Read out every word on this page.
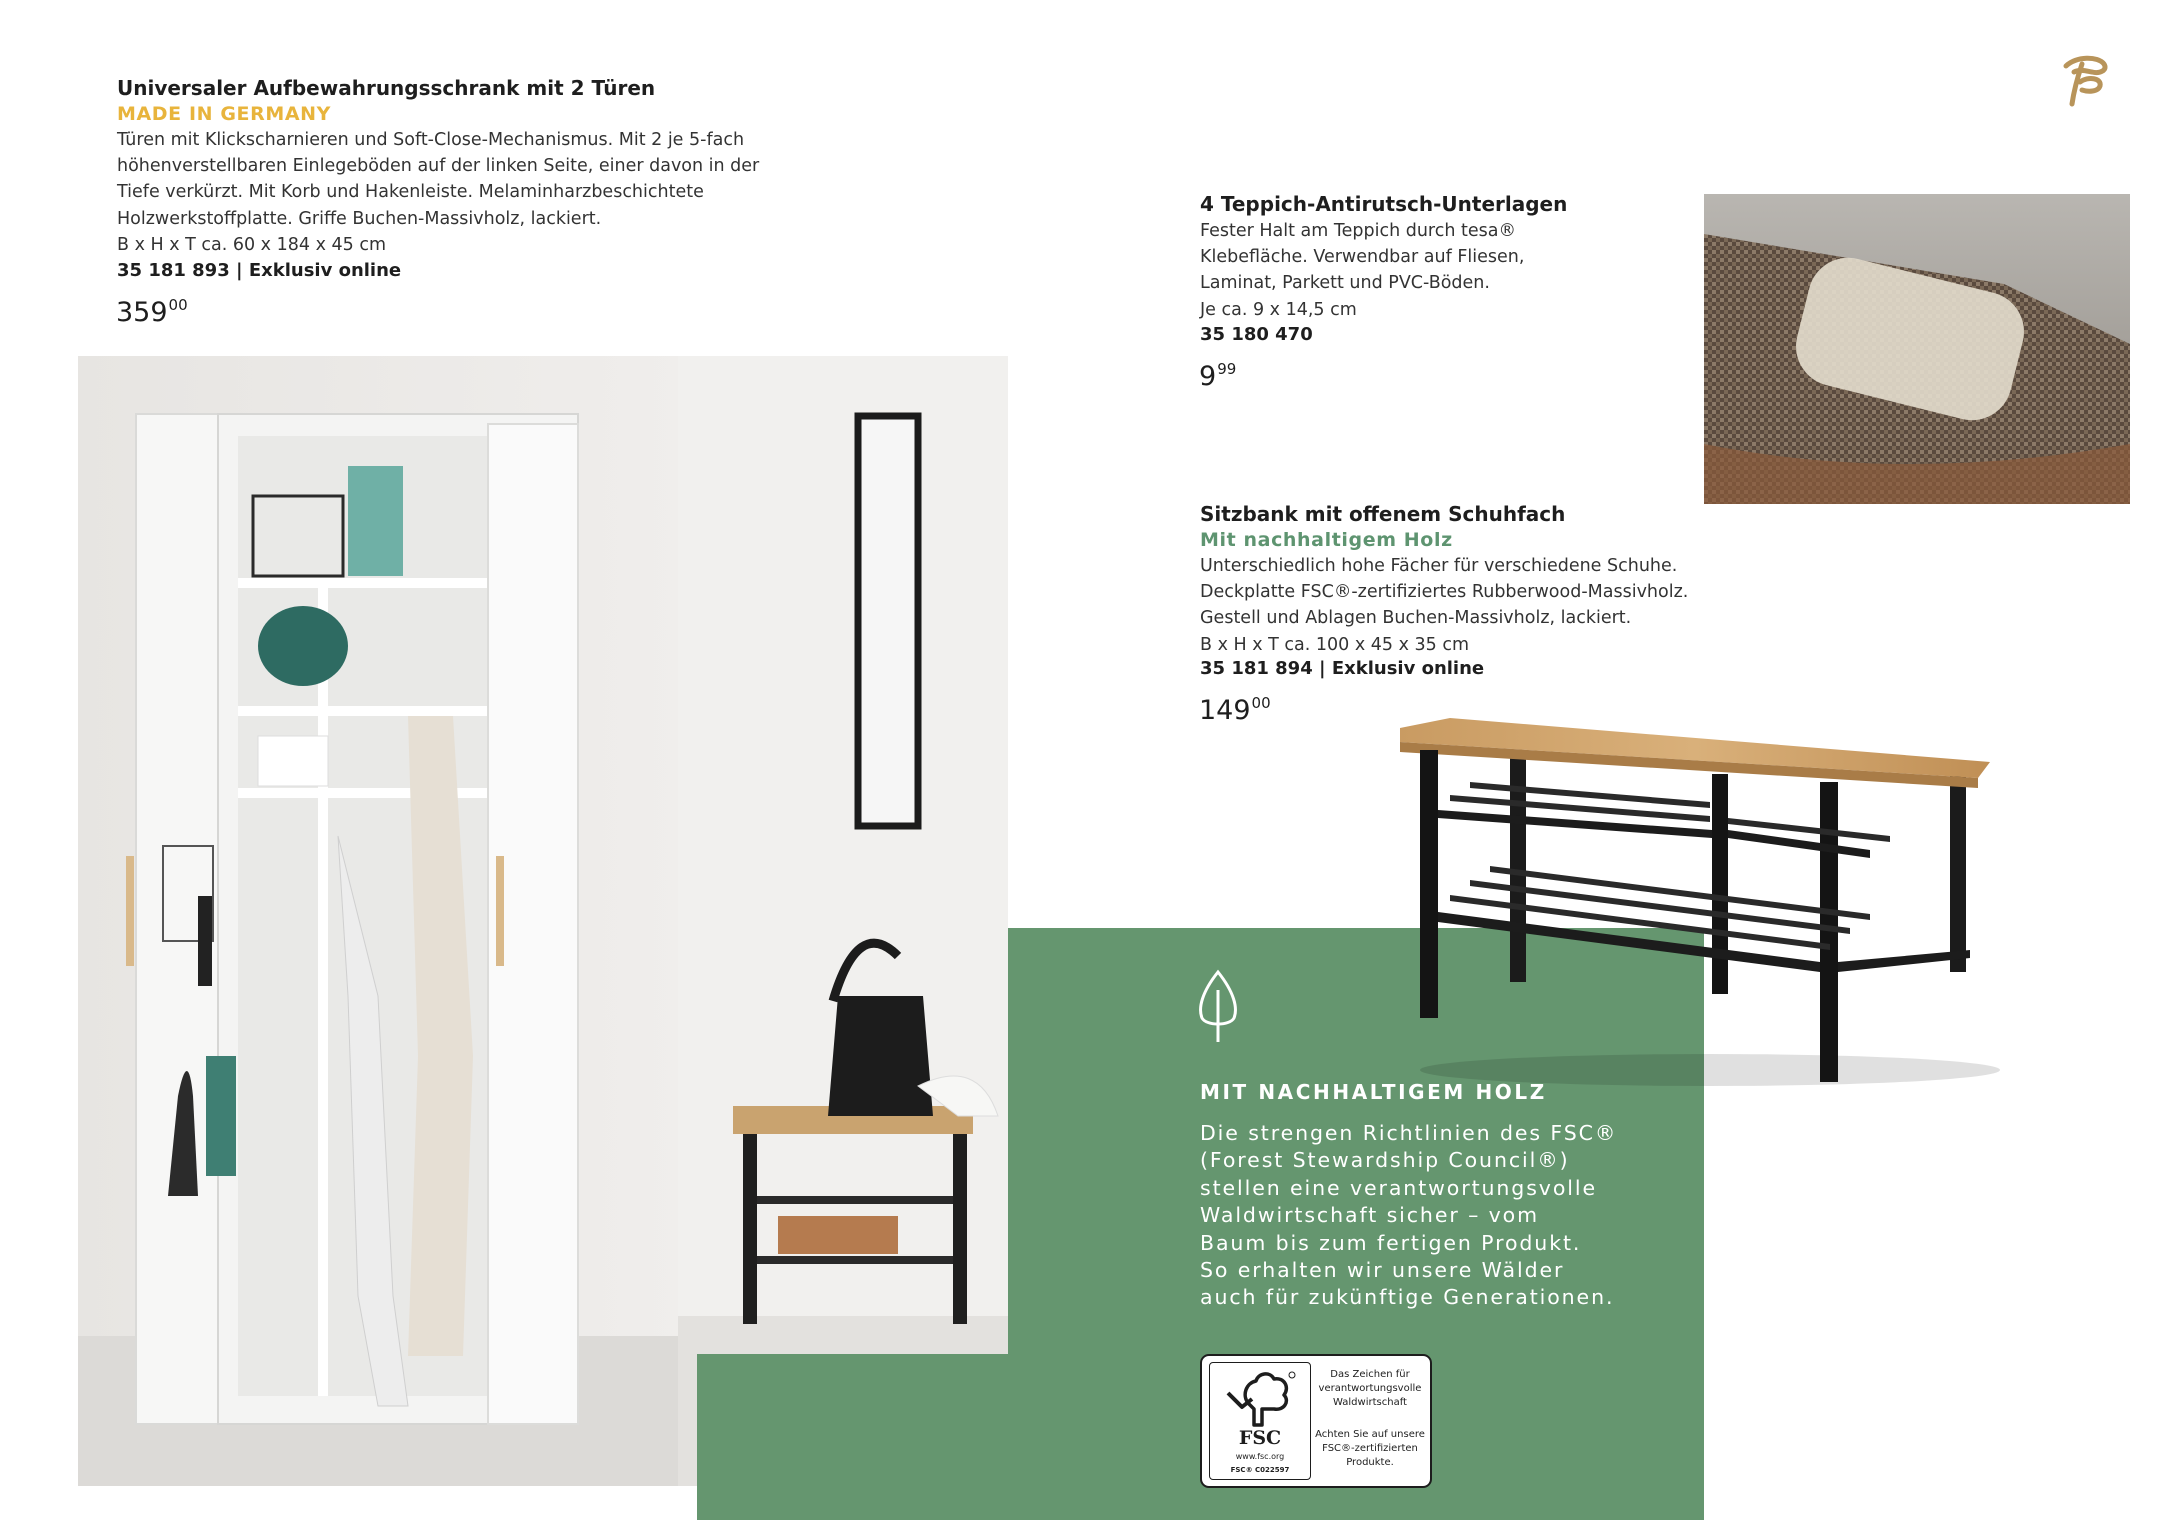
Universaler Aufbewahrungsschrank mit 2 Türen
MADE IN GERMANY

Türen mit Klickscharnieren und Soft-Close-Mechanismus. Mit 2 je 5-fach

höhenverstellbaren Einlegeböden auf der linken Seite, einer davon in der

Tiefe verkürzt. Mit Korb und Hakenleiste. Melaminharzbeschichtete

Holzwerkstoffplatte. Griffe Buchen-Massivholz, lackiert.

B x H x T ca. 60 x 184 x 45 cm

35 181 893 | Exklusiv online
$359^{00}$
4 Teppich-Antirutsch-Unterlagen

Fester Halt am Teppich durch tesa®

Klebefläche. Verwendbar auf Fliesen,

Laminat, Parkett und PVC-Böden.

Je ca. 9 x 14,5 cm

35 180 470
$9^{99}$
Sitzbank mit offenem Schuhfach
Mit nachhaltigem Holz

Unterschiedlich hohe Fächer für verschiedene Schuhe.

Deckplatte FSC®-zertifiziertes Rubberwood-Massivholz.

Gestell und Ablagen Buchen-Massivholz, lackiert.

B x H x T ca. 100 x 45 x 35 cm

35 181 894 | Exklusiv online
$149^{00}$
MIT NACHHALTIGEM HOLZ

Die strengen Richtlinien des FSC®

(Forest Stewardship Council®)

stellen eine verantwortungsvolle

Waldwirtschaft sicher – vom

Baum bis zum fertigen Produkt.

So erhalten wir unsere Wälder

auch für zukünftige Generationen.

FSC
www.fsc.org
FSC® C022597
Das Zeichen für
verantwortungsvolle
Waldwirtschaft
Achten Sie auf unsere
FSC®-zertifizierten
Produkte.
